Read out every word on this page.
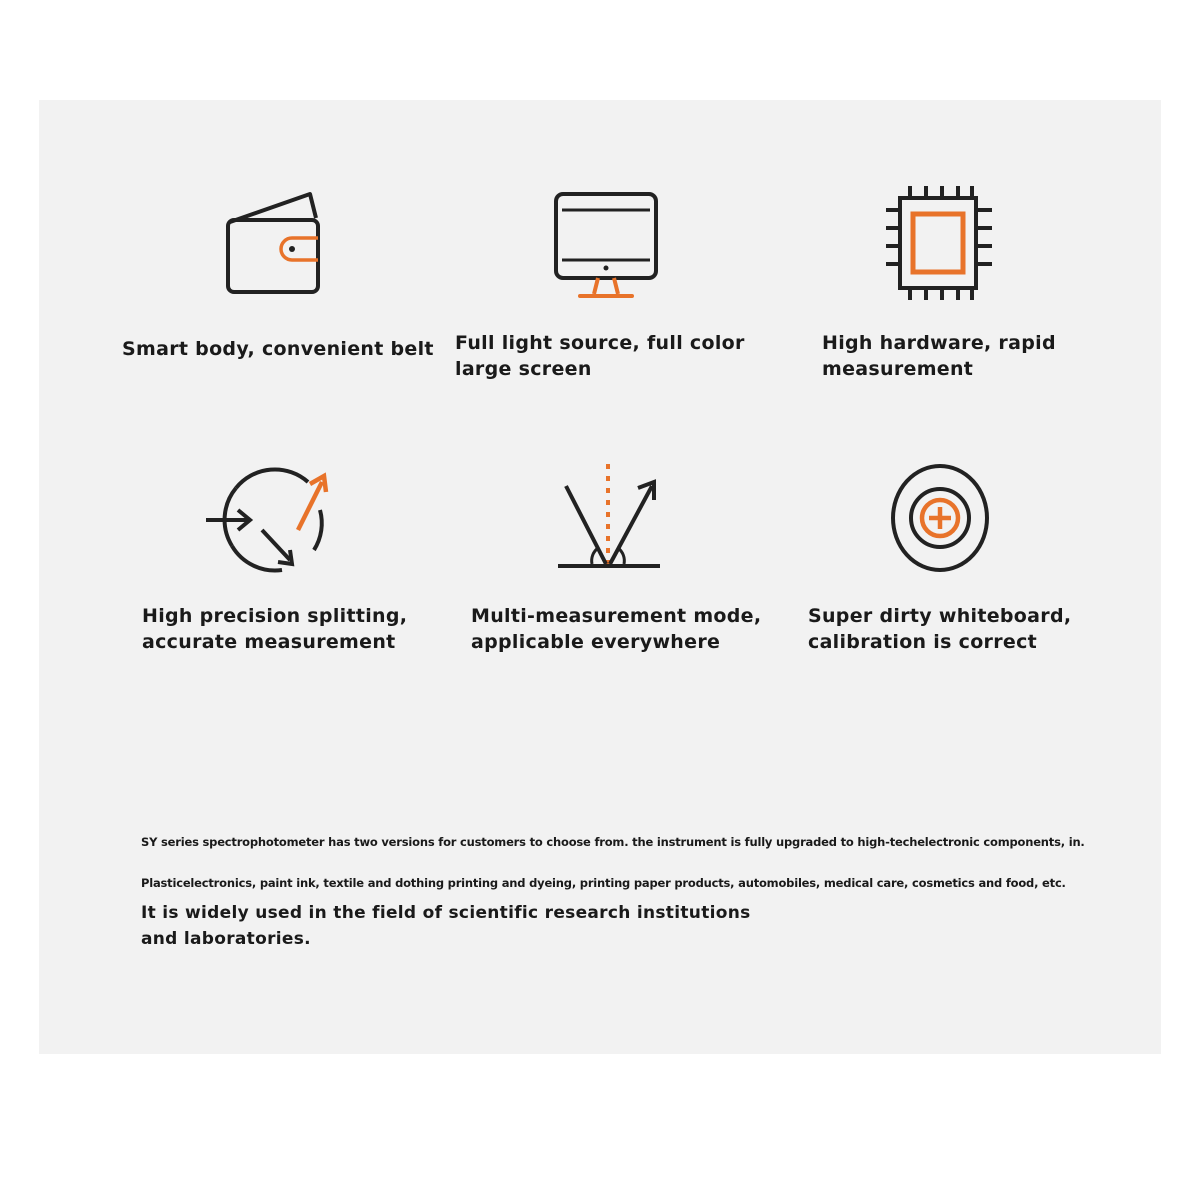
Smart body, convenient belt	Full light source, full color large screen
High hardware, rapid measurement
High precision splitting, accurate measurement
Multi-measurement mode, applicable everywhere
Super dirty whiteboard, calibration is correct
SY series spectrophotometer has two versions for customers to choose from. the instrument is fully upgraded to high-techelectronic components, in.
Plasticelectronics, paint ink, textile and dothing printing and dyeing, printing paper products, automobiles, medical care, cosmetics and food, etc.
It is widely used in the field of scientific research institutions and laboratories.
